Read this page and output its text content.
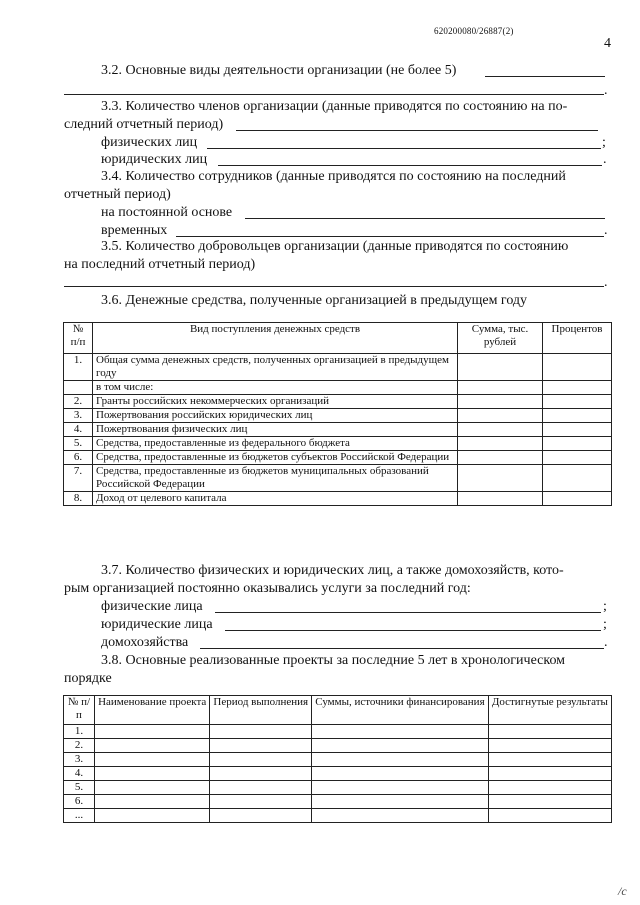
620200080/26887(2)
4
3.2. Основные виды деятельности организации (не более 5)
.
3.3. Количество членов организации (данные приводятся по состоянию на по-
следний отчетный период)
физических лиц	;
юридических лиц	.
3.4. Количество сотрудников (данные приводятся по состоянию на последний
отчетный период)
на постоянной основе
временных	.
3.5. Количество добровольцев организации (данные приводятся по состоянию
на последний отчетный период)
.
3.6. Денежные средства, полученные организацией в предыдущем году
№ п/п	Вид поступления денежных средств	Сумма, тыс. рублей	Процентов
1.	Общая сумма денежных средств, полученных организацией в предыдущем году		
	в том числе:		
2.	Гранты российских некоммерческих организаций		
3.	Пожертвования российских юридических лиц		
4.	Пожертвования физических лиц		
5.	Средства, предоставленные из федерального бюджета		
6.	Средства, предоставленные из бюджетов субъектов Российской Федерации		
7.	Средства, предоставленные из бюджетов муниципальных образований Российской Федерации		
8.	Доход от целевого капитала		
3.7. Количество физических и юридических лиц, а также домохозяйств, кото-
рым организацией постоянно оказывались услуги за последний год:
физические лица	;
юридические лица	;
домохозяйства	.
3.8. Основные реализованные проекты за последние 5 лет в хронологическом
порядке
№ п/п	Наименование проекта	Период выполнения	Суммы, источники финансирования	Достигнутые результаты
1.				
2.				
3.				
4.				
5.				
6.				
...				
/c
